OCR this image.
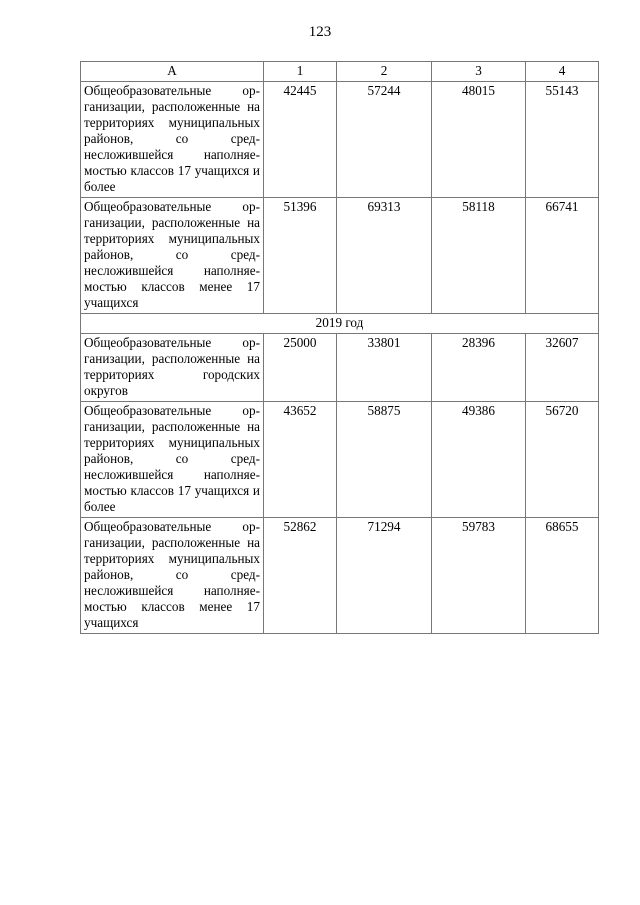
123
А	1	2	3	4
Общеобразовательные организации, расположенные на территориях муниципальных районов, со среднесложившейся наполняемостью классов 17 учащихся и более	42445	57244	48015	55143
Общеобразовательные организации, расположенные на территориях муниципальных районов, со среднесложившейся наполняемостью классов менее 17 учащихся	51396	69313	58118	66741
2019 год				
Общеобразовательные организации, расположенные на территориях городских округов	25000	33801	28396	32607
Общеобразовательные организации, расположенные на территориях муниципальных районов, со среднесложившейся наполняемостью классов 17 учащихся и более	43652	58875	49386	56720
Общеобразовательные организации, расположенные на территориях муниципальных районов, со среднесложившейся наполняемостью классов менее 17 учащихся	52862	71294	59783	68655
